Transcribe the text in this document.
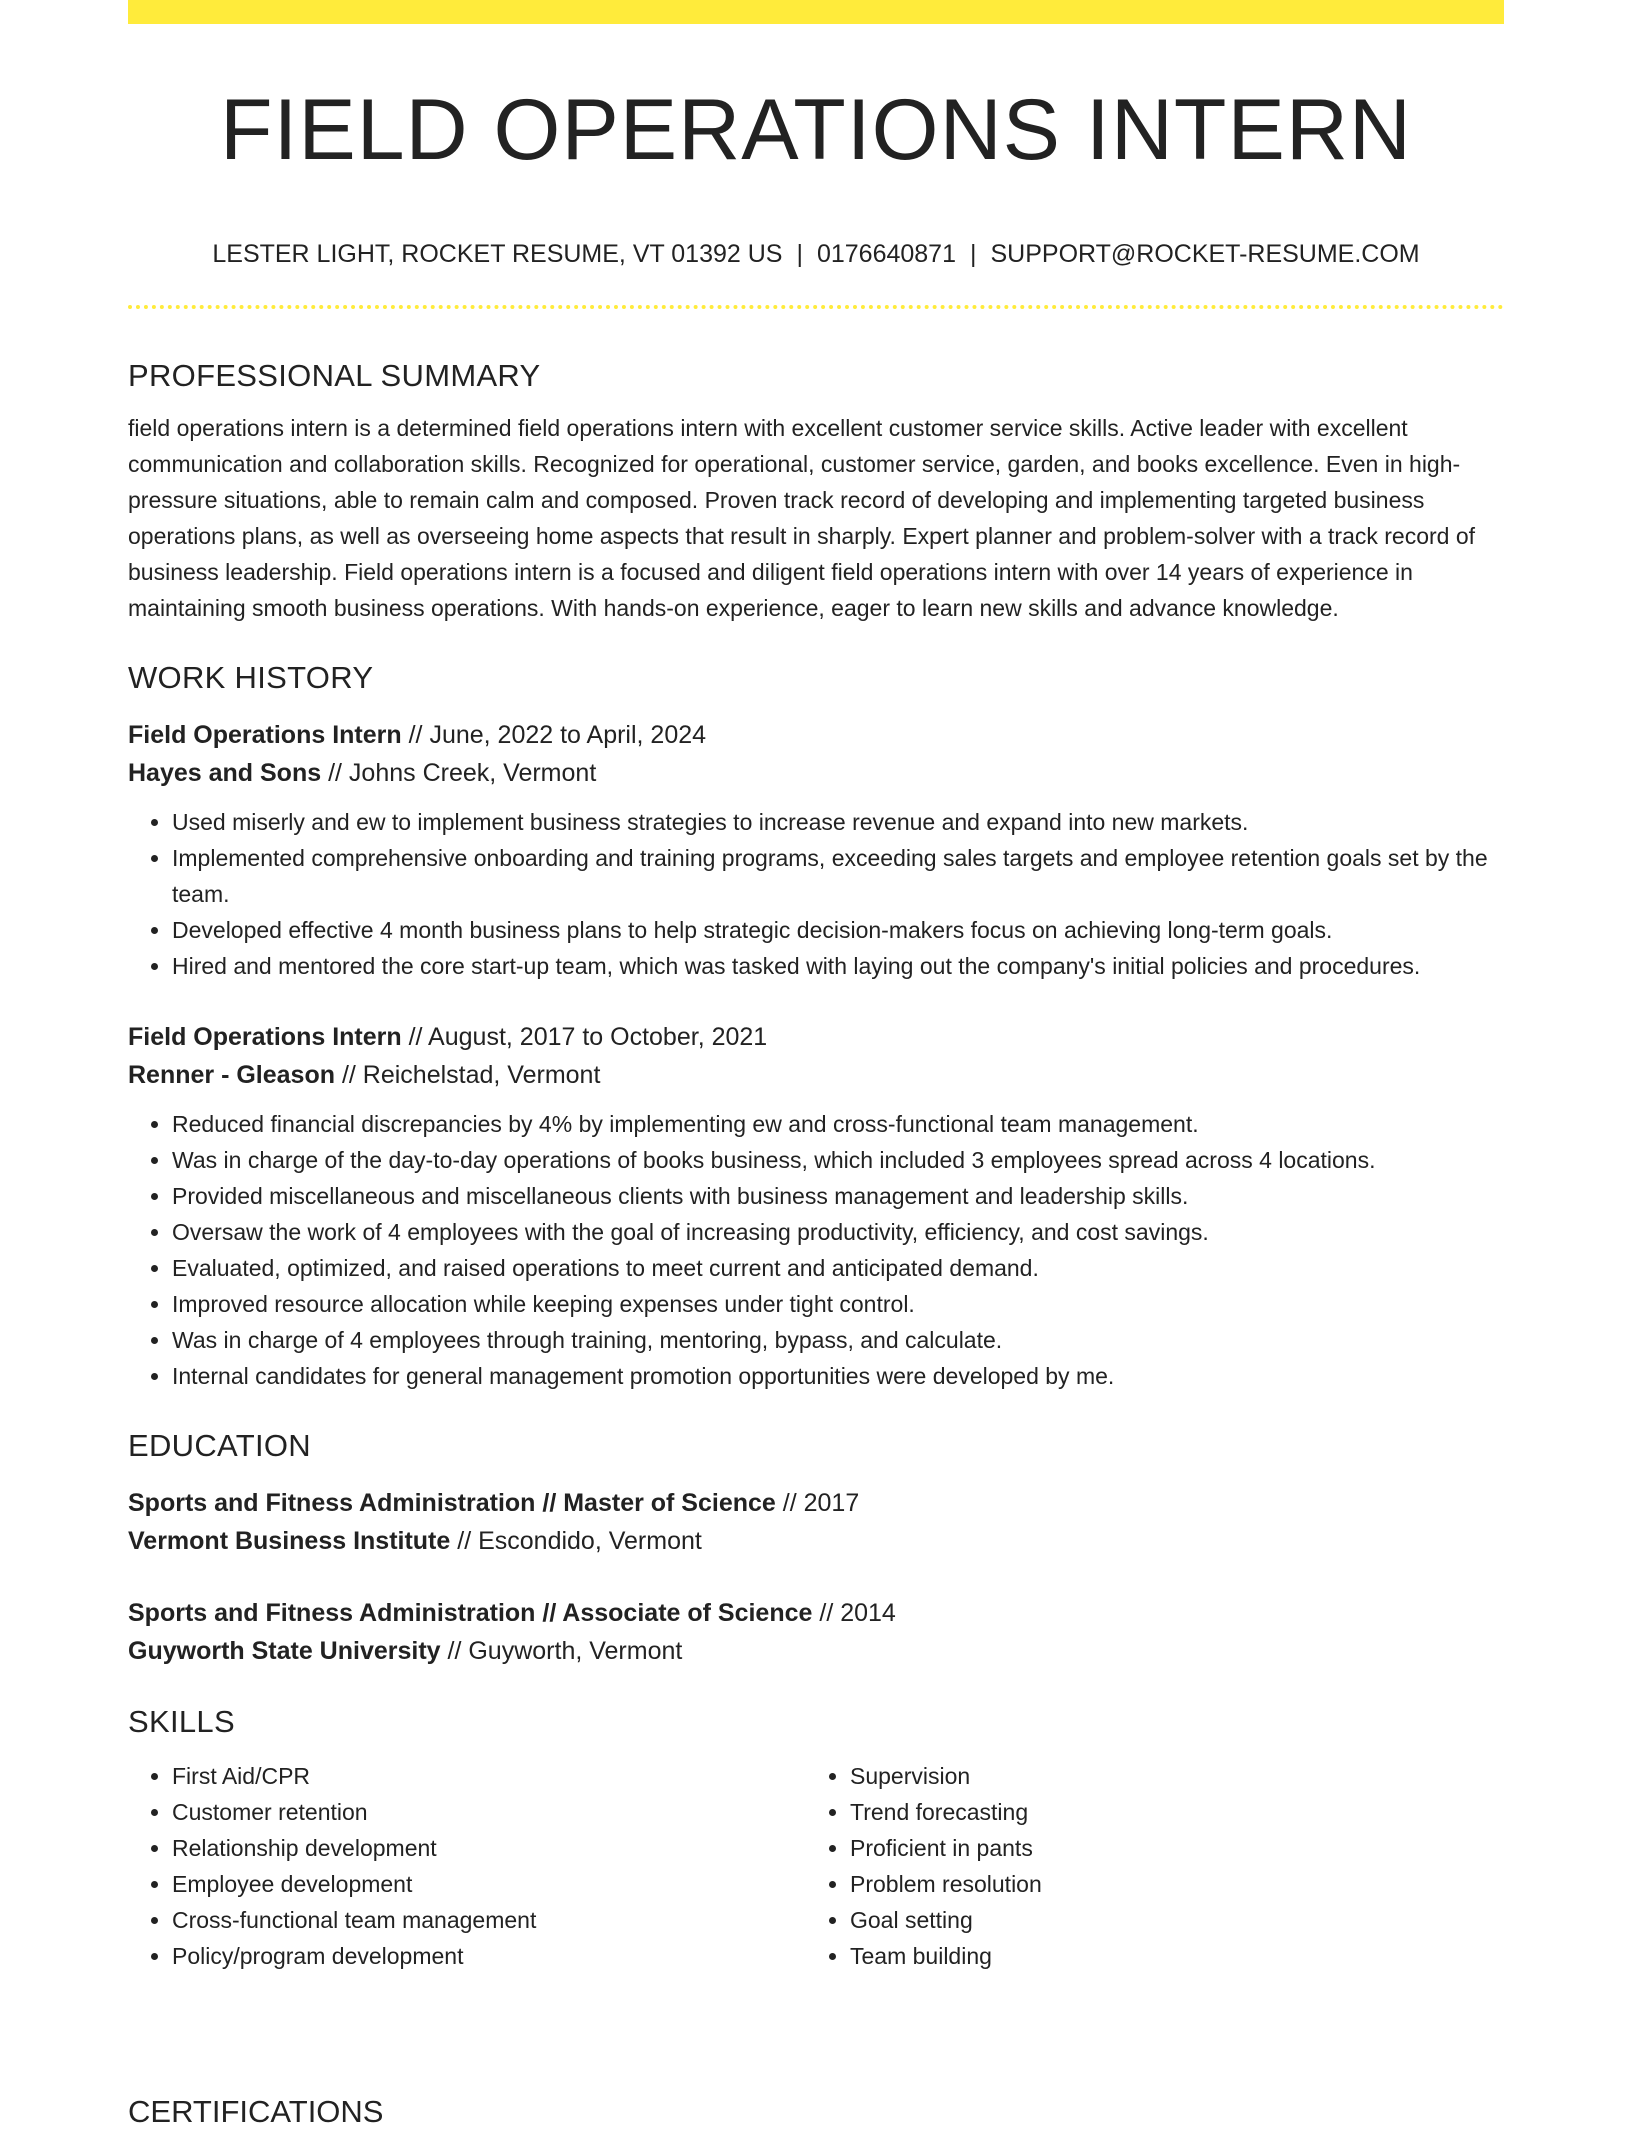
FIELD OPERATIONS INTERN
LESTER LIGHT, ROCKET RESUME, VT 01392 US | 0176640871 | SUPPORT@ROCKET-RESUME.COM
PROFESSIONAL SUMMARY

field operations intern is a determined field operations intern with excellent customer service skills. Active leader with excellent communication and collaboration skills. Recognized for operational, customer service, garden, and books excellence. Even in high-pressure situations, able to remain calm and composed. Proven track record of developing and implementing targeted business operations plans, as well as overseeing home aspects that result in sharply. Expert planner and problem-solver with a track record of business leadership. Field operations intern is a focused and diligent field operations intern with over 14 years of experience in maintaining smooth business operations. With hands-on experience, eager to learn new skills and advance knowledge.

WORK HISTORY
Field Operations Intern // June, 2022 to April, 2024
Hayes and Sons // Johns Creek, Vermont
• Used miserly and ew to implement business strategies to increase revenue and expand into new markets.
• Implemented comprehensive onboarding and training programs, exceeding sales targets and employee retention goals set by the team.
• Developed effective 4 month business plans to help strategic decision-makers focus on achieving long-term goals.
• Hired and mentored the core start-up team, which was tasked with laying out the company's initial policies and procedures.
Field Operations Intern // August, 2017 to October, 2021
Renner - Gleason // Reichelstad, Vermont
• Reduced financial discrepancies by 4% by implementing ew and cross-functional team management.
• Was in charge of the day-to-day operations of books business, which included 3 employees spread across 4 locations.
• Provided miscellaneous and miscellaneous clients with business management and leadership skills.
• Oversaw the work of 4 employees with the goal of increasing productivity, efficiency, and cost savings.
• Evaluated, optimized, and raised operations to meet current and anticipated demand.
• Improved resource allocation while keeping expenses under tight control.
• Was in charge of 4 employees through training, mentoring, bypass, and calculate.
• Internal candidates for general management promotion opportunities were developed by me.
EDUCATION
Sports and Fitness Administration // Master of Science // 2017
Vermont Business Institute // Escondido, Vermont
Sports and Fitness Administration // Associate of Science // 2014
Guyworth State University // Guyworth, Vermont
SKILLS
• First Aid/CPR
• Customer retention
• Relationship development
• Employee development
• Cross-functional team management
• Policy/program development
• Supervision
• Trend forecasting
• Proficient in pants
• Problem resolution
• Goal setting
• Team building
CERTIFICATIONS
